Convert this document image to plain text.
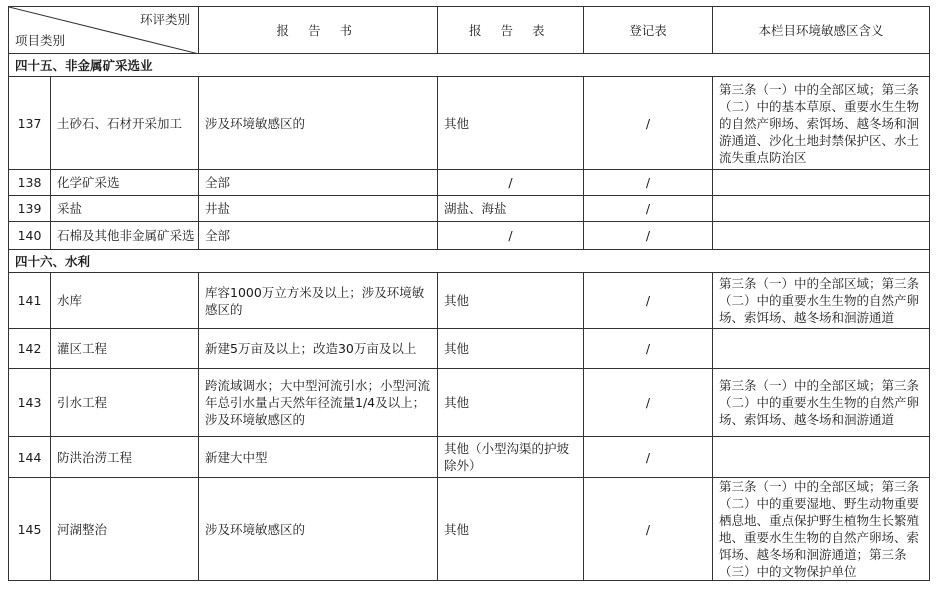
环评类别
项目类别		报 告 书	报 告 表	登记表	本栏目环境敏感区含义
四十五、非金属矿采选业					
137	土砂石、石材开采加工	涉及环境敏感区的	其他	/	第三条（一）中的全部区域；第三条（二）中的基本草原、重要水生生物的自然产卵场、索饵场、越冬场和洄游通道、沙化土地封禁保护区、水土流失重点防治区
138	化学矿采选	全部	/	/	
139	采盐	井盐	湖盐、海盐	/	
140	石棉及其他非金属矿采选	全部	/	/	
四十六、水利					
141	水库	库容1000万立方米及以上；涉及环境敏感区的	其他	/	第三条（一）中的全部区域；第三条（二）中的重要水生生物的自然产卵场、索饵场、越冬场和洄游通道
142	灌区工程	新建5万亩及以上；改造30万亩及以上	其他	/	
143	引水工程	跨流域调水；大中型河流引水；小型河流年总引水量占天然年径流量1/4及以上；涉及环境敏感区的	其他	/	第三条（一）中的全部区域；第三条（二）中的重要水生生物的自然产卵场、索饵场、越冬场和洄游通道
144	防洪治涝工程	新建大中型	其他（小型沟渠的护坡除外）	/	
145	河湖整治	涉及环境敏感区的	其他	/	第三条（一）中的全部区域；第三条（二）中的重要湿地、野生动物重要栖息地、重点保护野生植物生长繁殖地、重要水生生物的自然产卵场、索饵场、越冬场和洄游通道；第三条（三）中的文物保护单位
